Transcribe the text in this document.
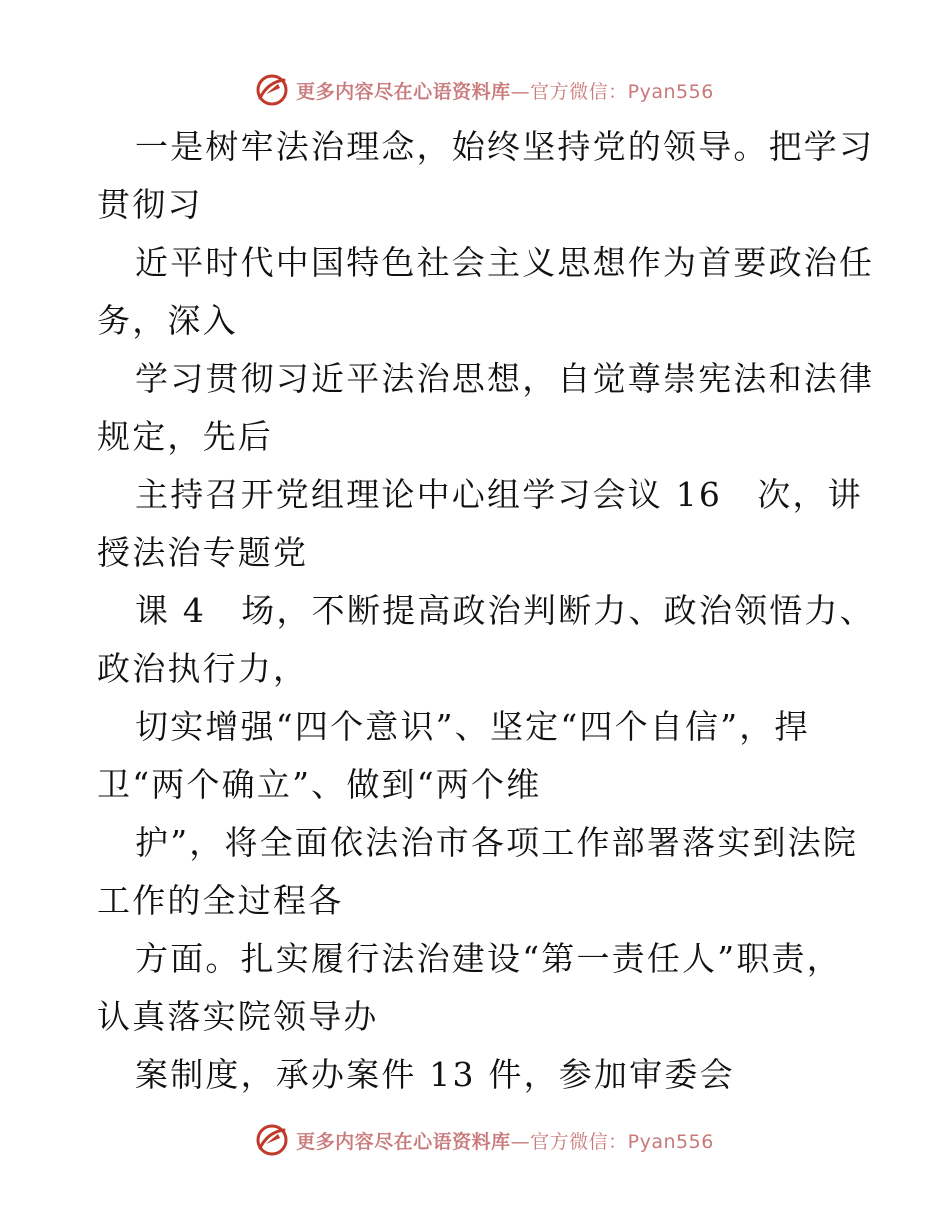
更多内容尽在心语资料库—官方微信：Pyan556
一是树牢法治理念，始终坚持党的领导。把学习
贯彻习
近平时代中国特色社会主义思想作为首要政治任
务，深入
学习贯彻习近平法治思想，自觉尊崇宪法和法律
规定，先后
主持召开党组理论中心组学习会议 16　次，讲
授法治专题党
课 4　场，不断提高政治判断力、政治领悟力、
政治执行力，
切实增强“四个意识”、坚定“四个自信”，捍
卫“两个确立”、做到“两个维
护”，将全面依法治市各项工作部署落实到法院
工作的全过程各
方面。扎实履行法治建设“第一责任人”职责，
认真落实院领导办
案制度，承办案件 13 件，参加审委会
更多内容尽在心语资料库—官方微信：Pyan556
